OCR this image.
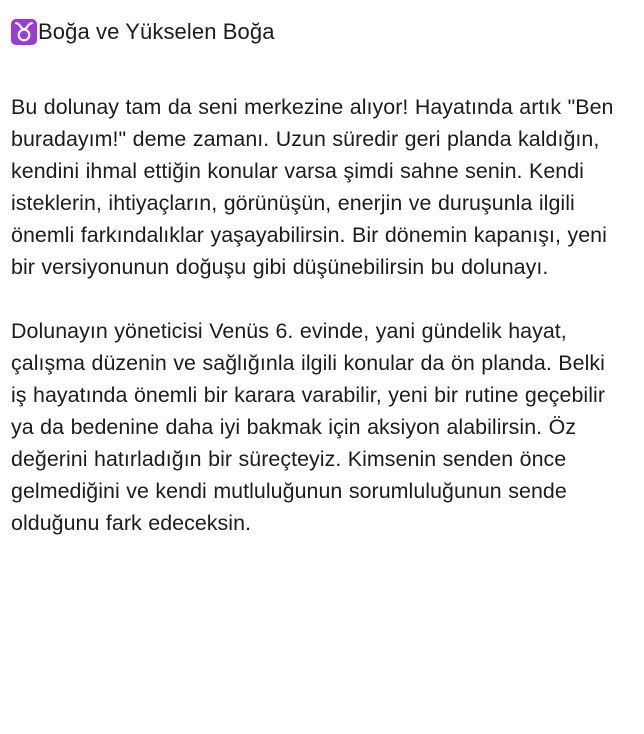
Boğa ve Yükselen Boğa

Bu dolunay tam da seni merkezine alıyor! Hayatında artık "Ben buradayım!" deme zamanı. Uzun süredir geri planda kaldığın, kendini ihmal ettiğin konular varsa şimdi sahne senin. Kendi isteklerin, ihtiyaçların, görünüşün, enerjin ve duruşunla ilgili önemli farkındalıklar yaşayabilirsin. Bir dönemin kapanışı, yeni bir versiyonunun doğuşu gibi düşünebilirsin bu dolunayı.

Dolunayın yöneticisi Venüs 6. evinde, yani gündelik hayat, çalışma düzenin ve sağlığınla ilgili konular da ön planda. Belki iş hayatında önemli bir karara varabilir, yeni bir rutine geçebilir ya da bedenine daha iyi bakmak için aksiyon alabilirsin. Öz değerini hatırladığın bir süreçteyiz. Kimsenin senden önce gelmediğini ve kendi mutluluğunun sorumluluğunun sende olduğunu fark edeceksin.
